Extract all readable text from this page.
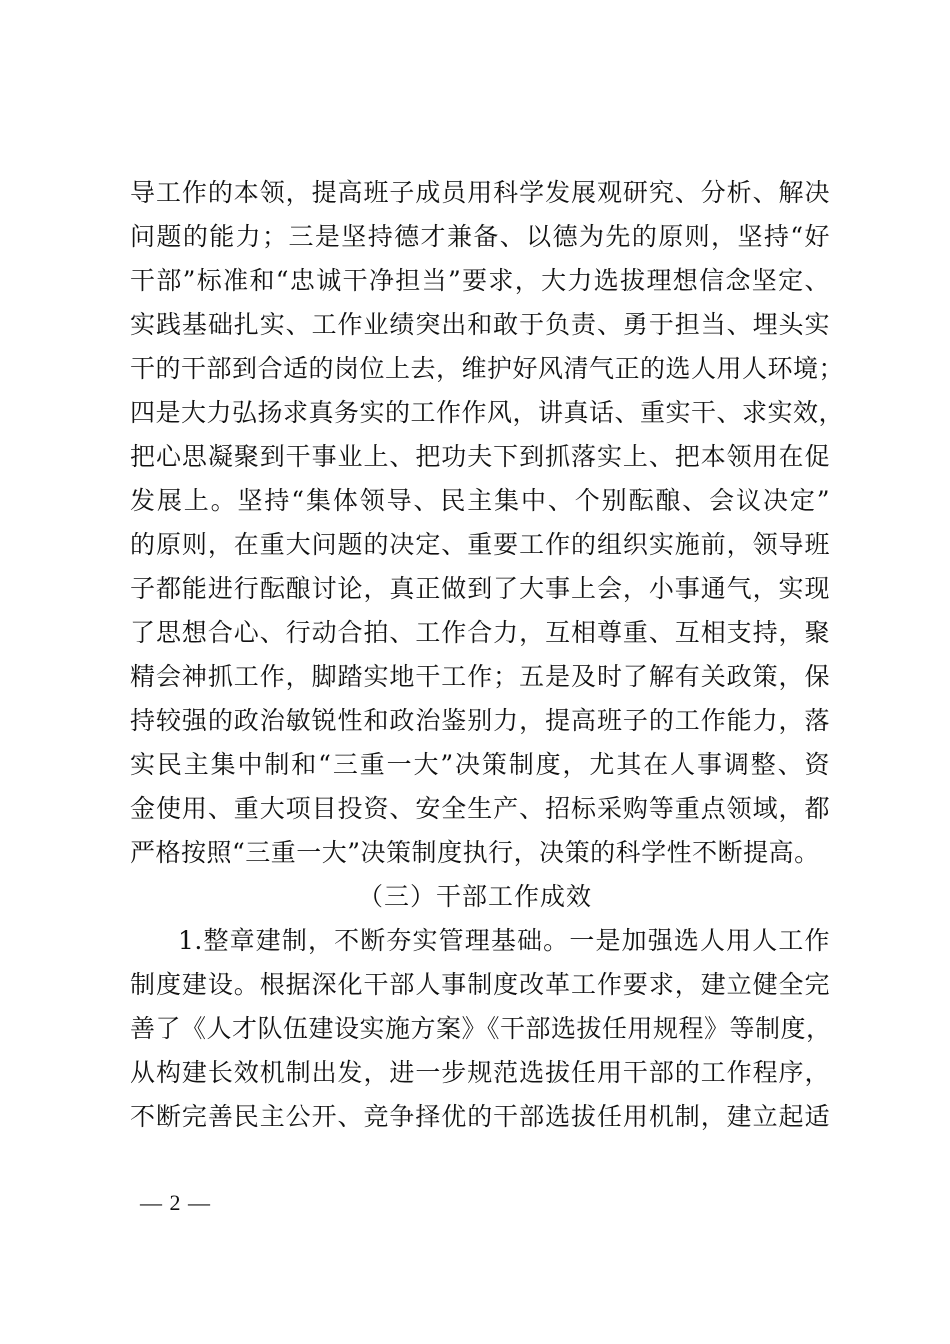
导工作的本领，提高班子成员用科学发展观研究、分析、解决
问题的能力；三是坚持德才兼备、以德为先的原则，坚持“好
干部”标准和“忠诚干净担当”要求，大力选拔理想信念坚定、
实践基础扎实、工作业绩突出和敢于负责、勇于担当、埋头实
干的干部到合适的岗位上去，维护好风清气正的选人用人环境；
四是大力弘扬求真务实的工作作风，讲真话、重实干、求实效，
把心思凝聚到干事业上、把功夫下到抓落实上、把本领用在促
发展上。坚持“集体领导、民主集中、个别酝酿、会议决定”
的原则，在重大问题的决定、重要工作的组织实施前，领导班
子都能进行酝酿讨论，真正做到了大事上会，小事通气，实现
了思想合心、行动合拍、工作合力，互相尊重、互相支持，聚
精会神抓工作，脚踏实地干工作；五是及时了解有关政策，保
持较强的政治敏锐性和政治鉴别力，提高班子的工作能力，落
实民主集中制和“三重一大”决策制度，尤其在人事调整、资
金使用、重大项目投资、安全生产、招标采购等重点领域，都
严格按照“三重一大”决策制度执行，决策的科学性不断提高。
（三）干部工作成效
1.整章建制，不断夯实管理基础。一是加强选人用人工作
制度建设。根据深化干部人事制度改革工作要求，建立健全完
善了《人才队伍建设实施方案》《干部选拔任用规程》等制度，
从构建长效机制出发，进一步规范选拔任用干部的工作程序，
不断完善民主公开、竞争择优的干部选拔任用机制，建立起适
— 2 —
